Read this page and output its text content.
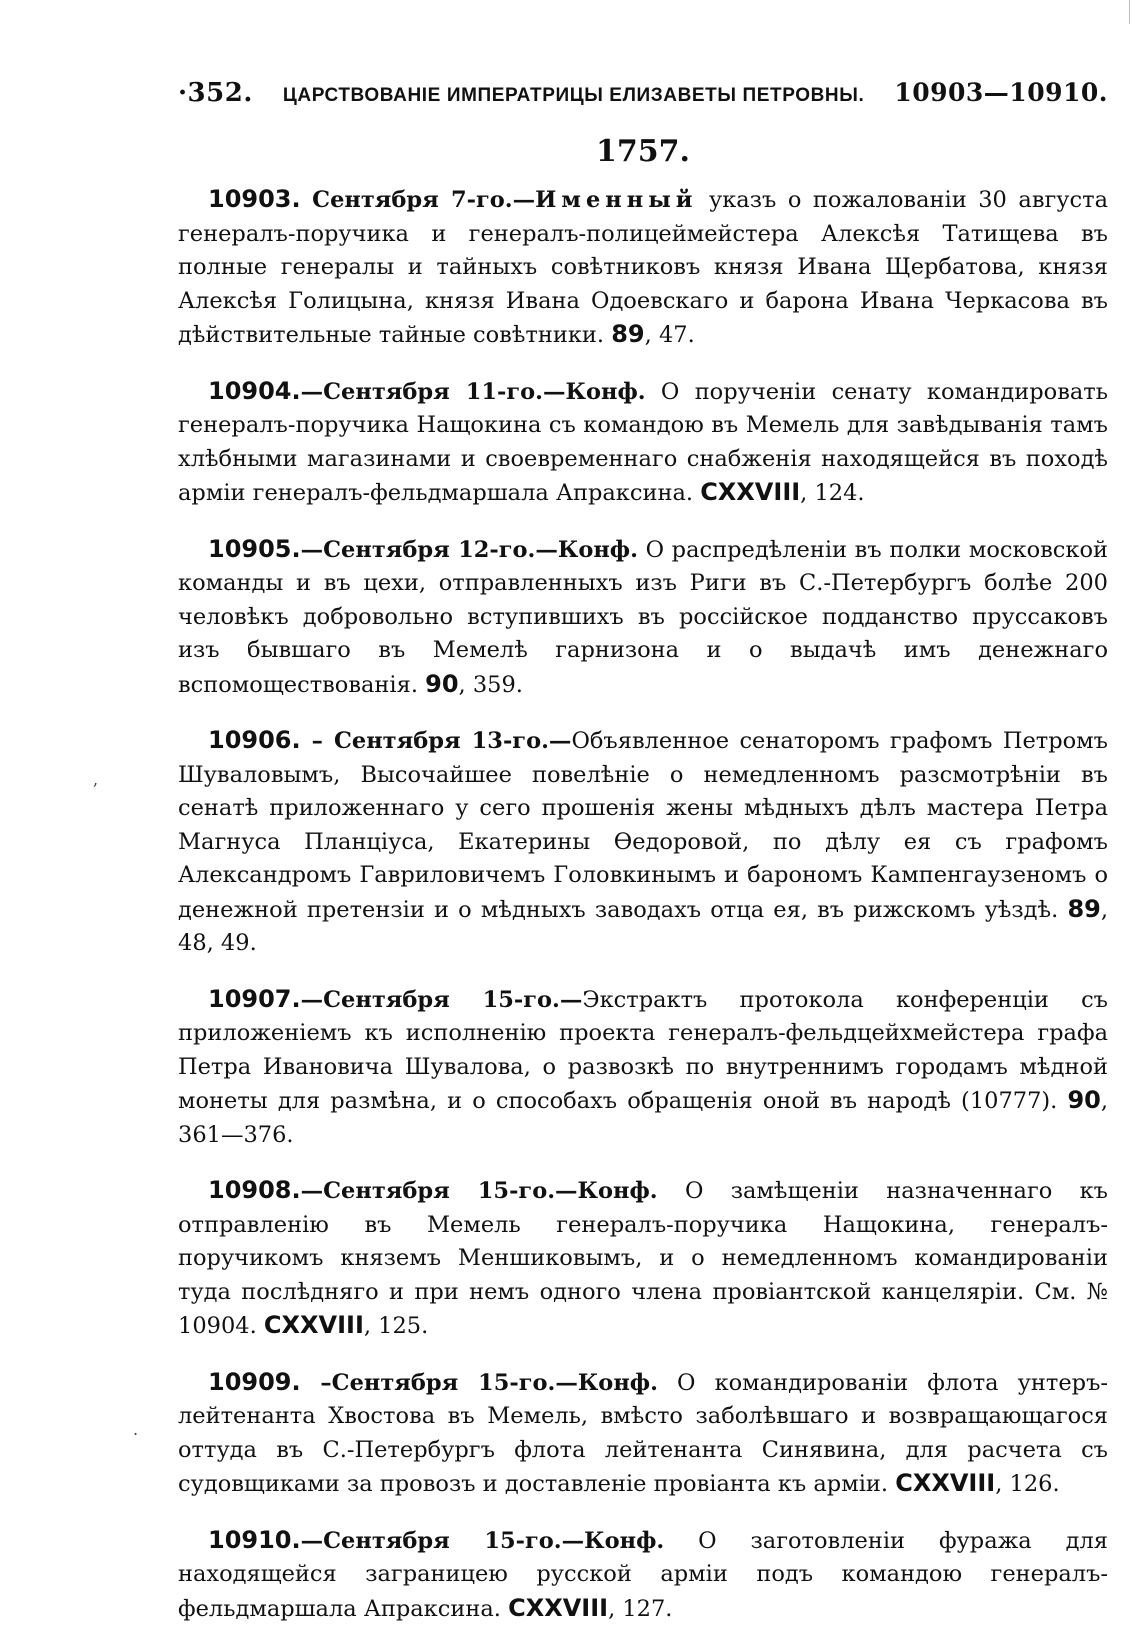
,
.
·352. ЦАРСТВОВАНІЕ ИМПЕРАТРИЦЫ ЕЛИЗАВЕТЫ ПЕТРОВНЫ. 10903—10910.
1757.

10903. Сентября 7-го.—Именный указъ о пожалованіи 30 августа генералъ-поручика и генералъ-полицеймейстера Алексѣя Татищева въ полные генералы и тайныхъ совѣтниковъ князя Ивана Щербатова, князя Алексѣя Голицына, князя Ивана Одоевскаго и барона Ивана Черкасова въ дѣйствительные тайные совѣтники. 89, 47.

10904.—Сентября 11-го.—Конф. О порученіи сенату командировать генералъ-поручика Нащокина съ командою въ Мемель для завѣдыванія тамъ хлѣбными магазинами и своевременнаго снабженія находящейся въ походѣ арміи генералъ-фельдмаршала Апраксина. CXXVIII, 124.

10905.—Сентября 12-го.—Конф. О распредѣленіи въ полки московской команды и въ цехи, отправленныхъ изъ Риги въ С.-Петербургъ болѣе 200 человѣкъ добровольно вступившихъ въ россійское подданство пруссаковъ изъ бывшаго въ Мемелѣ гарнизона и о выдачѣ имъ денежнаго вспомоществованія. 90, 359.

10906. – Сентября 13-го.—Объявленное сенаторомъ графомъ Петромъ Шуваловымъ, Высочайшее повелѣніе о немедленномъ разсмотрѣніи въ сенатѣ приложеннаго у сего прошенія жены мѣдныхъ дѣлъ мастера Петра Магнуса Планціуса, Екатерины Ѳедоровой, по дѣлу ея съ графомъ Александромъ Гавриловичемъ Головкинымъ и барономъ Кампенгаузеномъ о денежной претензіи и о мѣдныхъ заводахъ отца ея, въ рижскомъ уѣздѣ. 89, 48, 49.

10907.—Сентября 15-го.—Экстрактъ протокола конференціи съ приложеніемъ къ исполненію проекта генералъ-фельдцейхмейстера графа Петра Ивановича Шувалова, о развозкѣ по внутреннимъ городамъ мѣдной монеты для размѣна, и о способахъ обращенія оной въ народѣ (10777). 90, 361—376.

10908.—Сентября 15-го.—Конф. О замѣщеніи назначеннаго къ отправленію въ Мемель генералъ-поручика Нащокина, генералъ-поручикомъ княземъ Меншиковымъ, и о немедленномъ командированіи туда послѣдняго и при немъ одного члена провіантской канцеляріи. См. № 10904. CXXVIII, 125.

10909. –Сентября 15-го.—Конф. О командированіи флота унтеръ-лейтенанта Хвостова въ Мемель, вмѣсто заболѣвшаго и возвращающагося оттуда въ С.-Петербургъ флота лейтенанта Синявина, для расчета съ судовщиками за провозъ и доставленіе провіанта къ арміи. CXXVIII, 126.

10910.—Сентября 15-го.—Конф. О заготовленіи фуража для находящейся заграницею русской арміи подъ командою генералъ-фельдмаршала Апраксина. CXXVIII, 127.
